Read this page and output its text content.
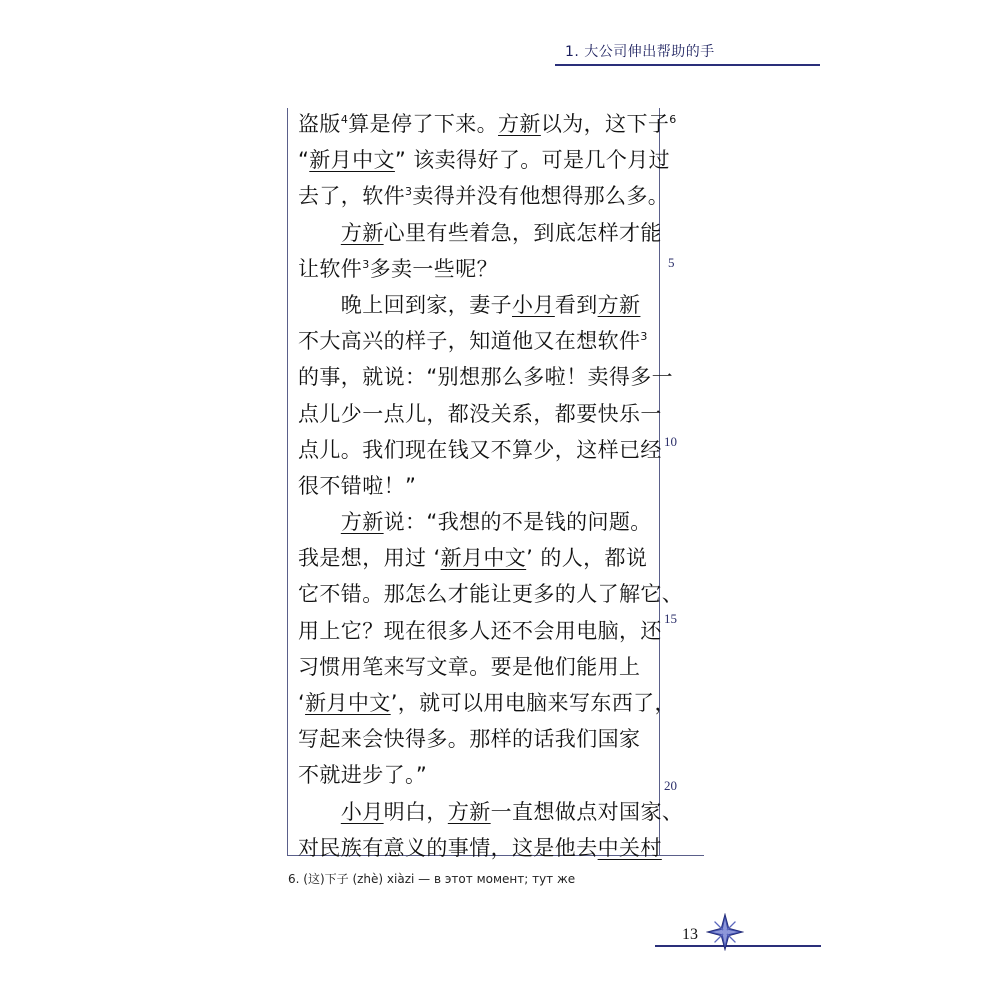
1. 大公司伸出帮助的手
盗版$^4$算是停了下来。方新以为，这下子$^6$
“新月中文” 该卖得好了。可是几个月过
去了，软件$^3$卖得并没有他想得那么多。
　　方新心里有些着急，到底怎样才能
让软件$^3$多卖一些呢？
　　晚上回到家，妻子小月看到方新
不大高兴的样子，知道他又在想软件$^3$
的事，就说：“别想那么多啦！卖得多一
点儿少一点儿，都没关系，都要快乐一
点儿。我们现在钱又不算少，这样已经
很不错啦！”
　　方新说：“我想的不是钱的问题。
我是想，用过 ‘新月中文’ 的人，都说
它不错。那怎么才能让更多的人了解它、
用上它？现在很多人还不会用电脑，还
习惯用笔来写文章。要是他们能用上
‘新月中文’，就可以用电脑来写东西了，
写起来会快得多。那样的话我们国家
不就进步了。”
　　小月明白，方新一直想做点对国家、
对民族有意义的事情，这是他去中关村
5
10
15
20
6. (这)下子 (zhè) xiàzi — в этот момент; тут же
13
